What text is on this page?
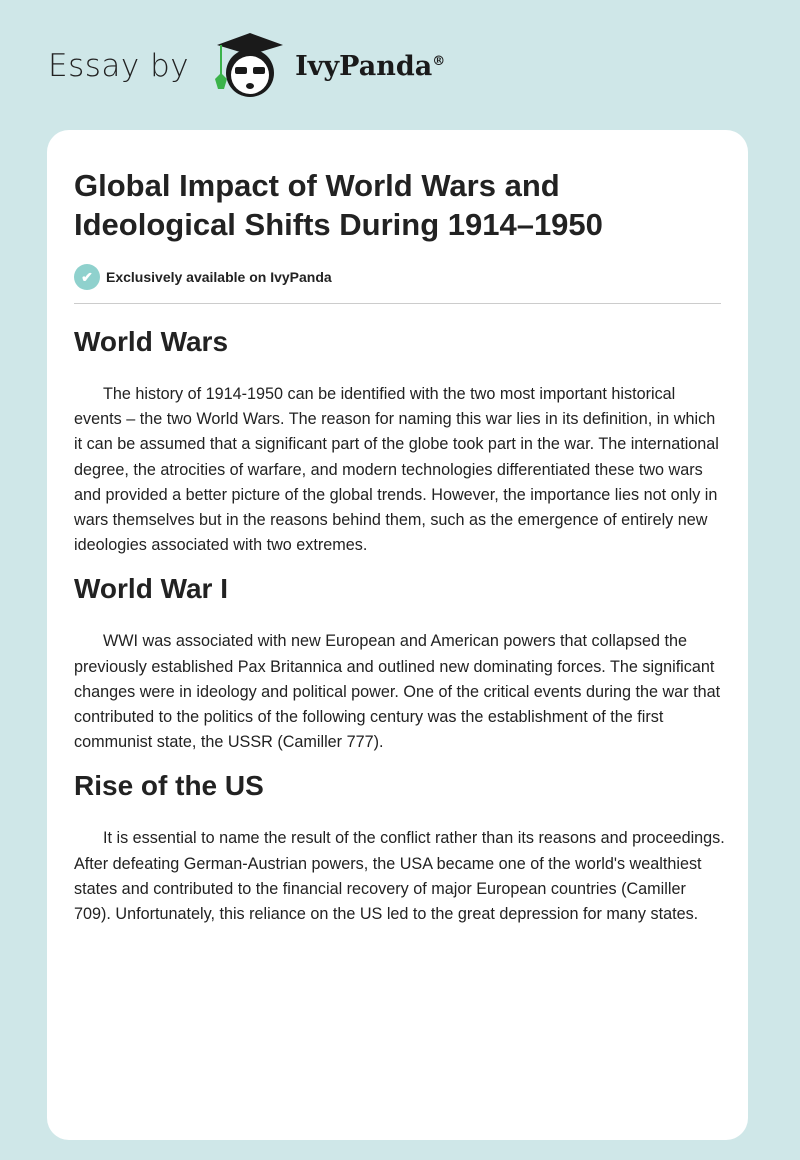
Essay by	IvyPanda®
Global Impact of World Wars and Ideological Shifts During 1914–1950
✔ Exclusively available on IvyPanda
World Wars

The history of 1914-1950 can be identified with the two most important historical events – the two World Wars. The reason for naming this war lies in its definition, in which it can be assumed that a significant part of the globe took part in the war. The international degree, the atrocities of warfare, and modern technologies differentiated these two wars and provided a better picture of the global trends. However, the importance lies not only in wars themselves but in the reasons behind them, such as the emergence of entirely new ideologies associated with two extremes.

World War I

WWI was associated with new European and American powers that collapsed the previously established Pax Britannica and outlined new dominating forces. The significant changes were in ideology and political power. One of the critical events during the war that contributed to the politics of the following century was the establishment of the first communist state, the USSR (Camiller 777).

Rise of the US

It is essential to name the result of the conflict rather than its reasons and proceedings. After defeating German-Austrian powers, the USA became one of the world's wealthiest states and contributed to the financial recovery of major European countries (Camiller 709). Unfortunately, this reliance on the US led to the great depression for many states.
